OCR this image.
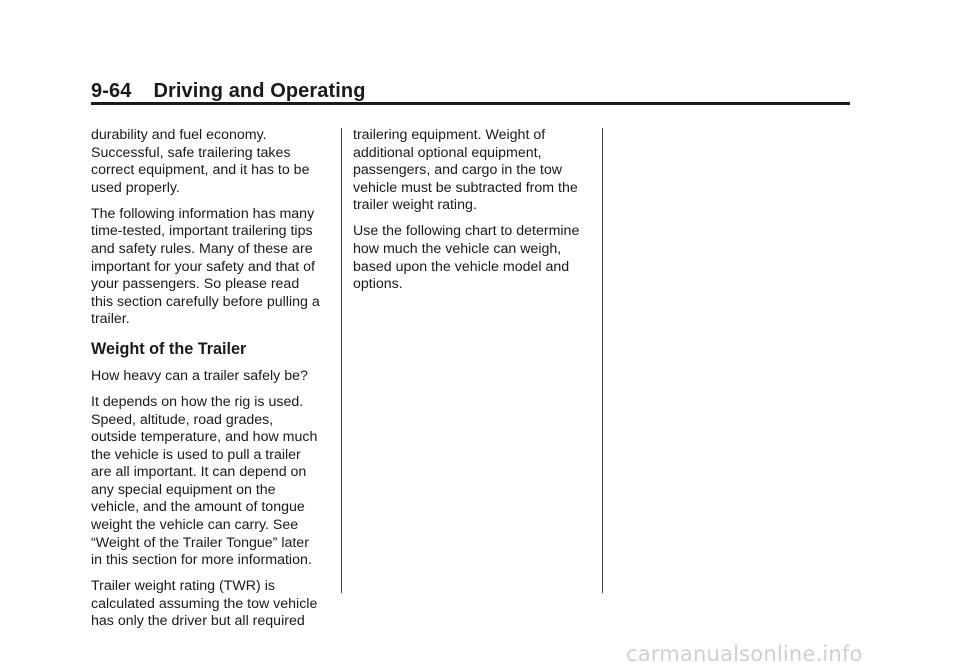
9-64 Driving and Operating
durability and fuel economy.
Successful, safe trailering takes
correct equipment, and it has to be
used properly.
The following information has many
time-tested, important trailering tips
and safety rules. Many of these are
important for your safety and that of
your passengers. So please read
this section carefully before pulling a
trailer.
Weight of the Trailer
How heavy can a trailer safely be?
It depends on how the rig is used.
Speed, altitude, road grades,
outside temperature, and how much
the vehicle is used to pull a trailer
are all important. It can depend on
any special equipment on the
vehicle, and the amount of tongue
weight the vehicle can carry. See
“Weight of the Trailer Tongue” later
in this section for more information.
Trailer weight rating (TWR) is
calculated assuming the tow vehicle
has only the driver but all required
trailering equipment. Weight of
additional optional equipment,
passengers, and cargo in the tow
vehicle must be subtracted from the
trailer weight rating.
Use the following chart to determine
how much the vehicle can weigh,
based upon the vehicle model and
options.
carmanualsonline.info
